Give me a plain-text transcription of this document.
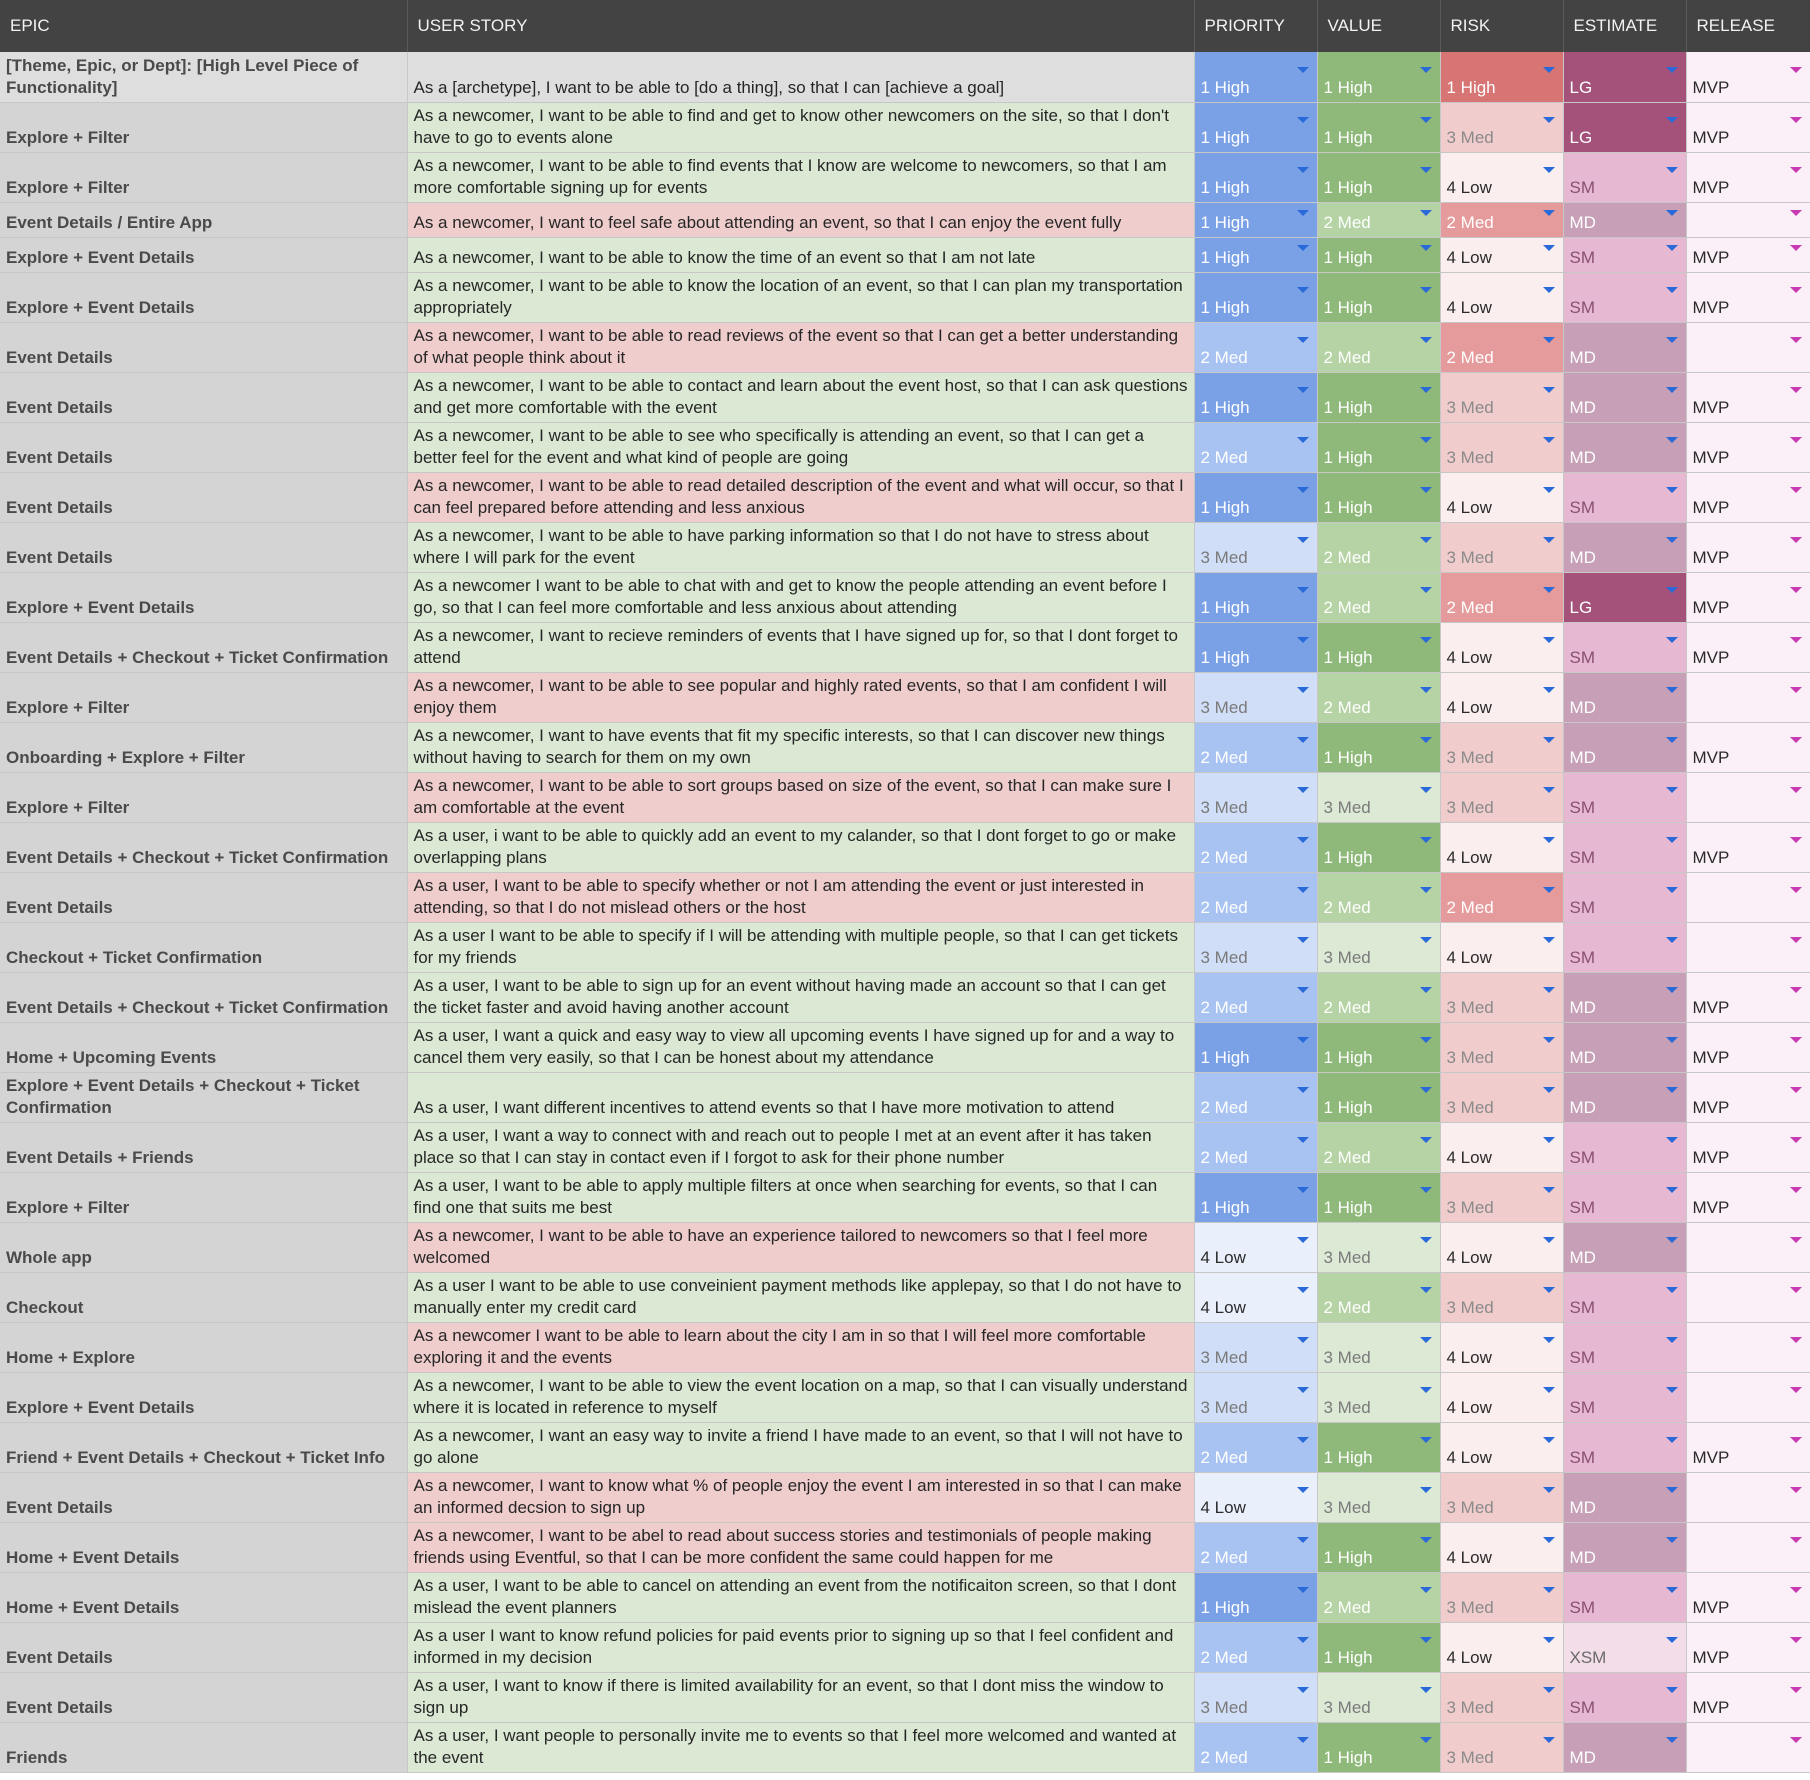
EPIC	USER STORY	PRIORITY	VALUE	RISK	ESTIMATE	RELEASE
[Theme, Epic, or Dept]: [High Level Piece of Functionality]	As a [archetype], I want to be able to [do a thing], so that I can [achieve a goal]	1 High	1 High	1 High	LG	MVP

Explore + Filter	As a newcomer, I want to be able to find and get to know other newcomers on the site, so that I don't have to go to events alone	1 High	1 High	3 Med	LG	MVP

Explore + Filter	As a newcomer, I want to be able to find events that I know are welcome to newcomers, so that I am more comfortable signing up for events	1 High	1 High	4 Low	SM	MVP

Event Details / Entire App	As a newcomer, I want to feel safe about attending an event, so that I can enjoy the event fully	1 High	2 Med	2 Med	MD

Explore + Event Details	As a newcomer, I want to be able to know the time of an event so that I am not late	1 High	1 High	4 Low	SM	MVP

Explore + Event Details	As a newcomer, I want to be able to know the location of an event, so that I can plan my transportation appropriately	1 High	1 High	4 Low	SM	MVP

Event Details	As a newcomer, I want to be able to read reviews of the event so that I can get a better understanding of what people think about it	2 Med	2 Med	2 Med	MD

Event Details	As a newcomer, I want to be able to contact and learn about the event host, so that I can ask questions and get more comfortable with the event	1 High	1 High	3 Med	MD	MVP

Event Details	As a newcomer, I want to be able to see who specifically is attending an event, so that I can get a better feel for the event and what kind of people are going	2 Med	1 High	3 Med	MD	MVP

Event Details	As a newcomer, I want to be able to read detailed description of the event and what will occur, so that I can feel prepared before attending and less anxious	1 High	1 High	4 Low	SM	MVP

Event Details	As a newcomer, I want to be able to have parking information so that I do not have to stress about where I will park for the event	3 Med	2 Med	3 Med	MD	MVP

Explore + Event Details	As a newcomer I want to be able to chat with and get to know the people attending an event before I go, so that I can feel more comfortable and less anxious about attending	1 High	2 Med	2 Med	LG	MVP

Event Details + Checkout + Ticket Confirmation	As a newcomer, I want to recieve reminders of events that I have signed up for, so that I dont forget to attend	1 High	1 High	4 Low	SM	MVP

Explore + Filter	As a newcomer, I want to be able to see popular and highly rated events, so that I am confident I will enjoy them	3 Med	2 Med	4 Low	MD

Onboarding + Explore + Filter	As a newcomer, I want to have events that fit my specific interests, so that I can discover new things without having to search for them on my own	2 Med	1 High	3 Med	MD	MVP

Explore + Filter	As a newcomer, I want to be able to sort groups based on size of the event, so that I can make sure I am comfortable at the event	3 Med	3 Med	3 Med	SM

Event Details + Checkout + Ticket Confirmation	As a user, i want to be able to quickly add an event to my calander, so that I dont forget to go or make overlapping plans	2 Med	1 High	4 Low	SM	MVP

Event Details	As a user, I want to be able to specify whether or not I am attending the event or just interested in attending, so that I do not mislead others or the host	2 Med	2 Med	2 Med	SM

Checkout + Ticket Confirmation	As a user I want to be able to specify if I will be attending with multiple people, so that I can get tickets for my friends	3 Med	3 Med	4 Low	SM

Event Details + Checkout + Ticket Confirmation	As a user, I want to be able to sign up for an event without having made an account so that I can get the ticket faster and avoid having another account	2 Med	2 Med	3 Med	MD	MVP

Home + Upcoming Events	As a user, I want a quick and easy way to view all upcoming events I have signed up for and a way to cancel them very easily, so that I can be honest about my attendance	1 High	1 High	3 Med	MD	MVP

Explore + Event Details + Checkout + Ticket Confirmation	As a user, I want different incentives to attend events so that I have more motivation to attend	2 Med	1 High	3 Med	MD	MVP

Event Details + Friends	As a user, I want a way to connect with and reach out to people I met at an event after it has taken place so that I can stay in contact even if I forgot to ask for their phone number	2 Med	2 Med	4 Low	SM	MVP

Explore + Filter	As a user, I want to be able to apply multiple filters at once when searching for events, so that I can find one that suits me best	1 High	1 High	3 Med	SM	MVP

Whole app	As a newcomer, I want to be able to have an experience tailored to newcomers so that I feel more welcomed	4 Low	3 Med	4 Low	MD

Checkout	As a user I want to be able to use conveinient payment methods like applepay, so that I do not have to manually enter my credit card	4 Low	2 Med	3 Med	SM

Home + Explore	As a newcomer I want to be able to learn about the city I am in so that I will feel more comfortable exploring it and the events	3 Med	3 Med	4 Low	SM

Explore + Event Details	As a newcomer, I want to be able to view the event location on a map, so that I can visually understand where it is located in reference to myself	3 Med	3 Med	4 Low	SM

Friend + Event Details + Checkout + Ticket Info	As a newcomer, I want an easy way to invite a friend I have made to an event, so that I will not have to go alone	2 Med	1 High	4 Low	SM	MVP

Event Details	As a newcomer, I want to know what % of people enjoy the event I am interested in so that I can make an informed decsion to sign up	4 Low	3 Med	3 Med	MD

Home + Event Details	As a newcomer, I want to be abel to read about success stories and testimonials of people making friends using Eventful, so that I can be more confident the same could happen for me	2 Med	1 High	4 Low	MD

Home + Event Details	As a user, I want to be able to cancel on attending an event from the notificaiton screen, so that I dont mislead the event planners	1 High	2 Med	3 Med	SM	MVP

Event Details	As a user I want to know refund policies for paid events prior to signing up so that I feel confident and informed in my decision	2 Med	1 High	4 Low	XSM	MVP

Event Details	As a user, I want to know if there is limited availability for an event, so that I dont miss the window to sign up	3 Med	3 Med	3 Med	SM	MVP

Friends	As a user, I want people to personally invite me to events so that I feel more welcomed and wanted at the event	2 Med	1 High	3 Med	MD
